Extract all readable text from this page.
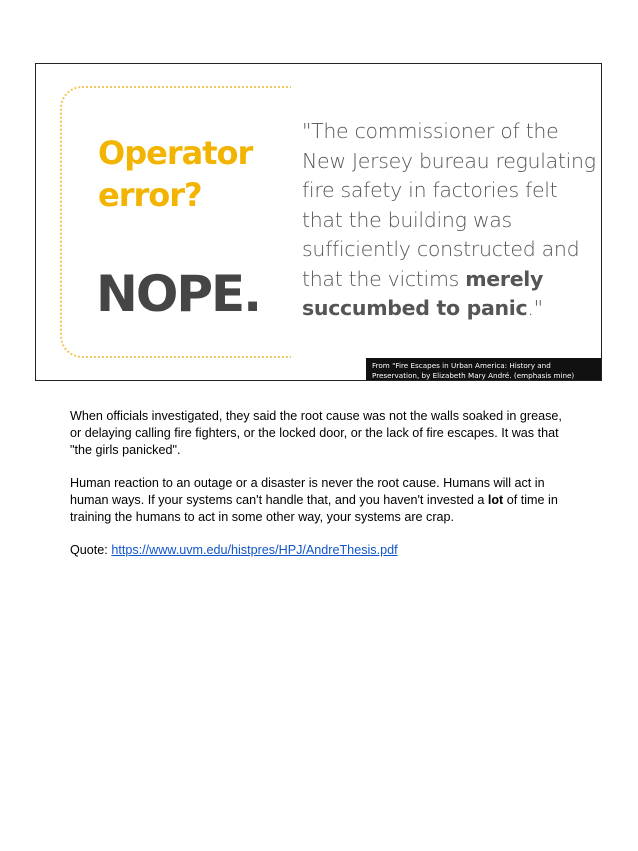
Operator
error?
NOPE.
"The commissioner of the New Jersey bureau regulating fire safety in factories felt that the building was sufficiently constructed and that the victims merely succumbed to panic."
From "Fire Escapes in Urban America: History and Preservation, by Elizabeth Mary André. (emphasis mine)

When officials investigated, they said the root cause was not the walls soaked in grease, or delaying calling fire fighters, or the locked door, or the lack of fire escapes. It was that "the girls panicked".

Human reaction to an outage or a disaster is never the root cause. Humans will act in human ways. If your systems can't handle that, and you haven't invested a lot of time in training the humans to act in some other way, your systems are crap.

Quote: https://www.uvm.edu/histpres/HPJ/AndreThesis.pdf
